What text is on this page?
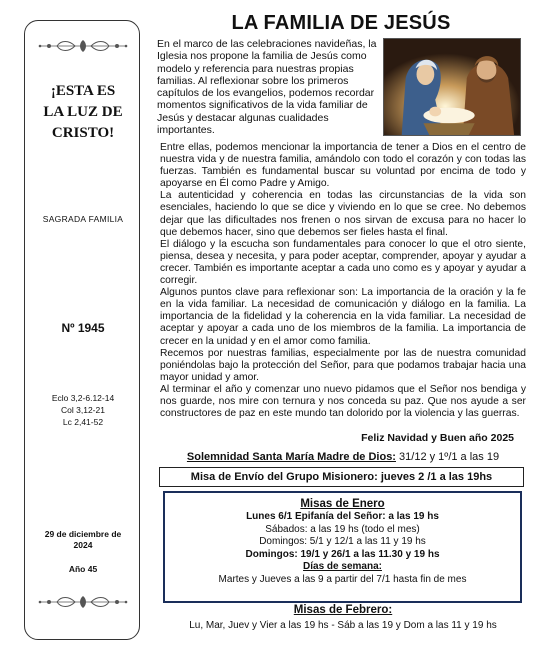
¡ESTA ES
LA LUZ DE
CRISTO!
SAGRADA FAMILIA
Nº 1945
Eclo 3,2-6.12-14
Col 3,12-21
Lc 2,41-52
29 de diciembre de
2024
Año 45
LA FAMILIA DE JESÚS

En el marco de las celebraciones navideñas, la Iglesia nos propone la familia de Jesús como modelo y referencia para nuestras propias familias. Al reflexionar sobre los primeros capítulos de los evangelios, podemos recordar momentos significativos de la vida familiar de Jesús y destacar algunas cualidades importantes.

Entre ellas, podemos mencionar la importancia de tener a Dios en el centro de nuestra vida y de nuestra familia, amándolo con todo el corazón y con todas las fuerzas. También es fundamental buscar su voluntad por encima de todo y apoyarse en Él como Padre y Amigo.

La autenticidad y coherencia en todas las circunstancias de la vida son esenciales, haciendo lo que se dice y viviendo en lo que se cree. No debemos dejar que las dificultades nos frenen o nos sirvan de excusa para no hacer lo que debemos hacer, sino que debemos ser fieles hasta el final.

El diálogo y la escucha son fundamentales para conocer lo que el otro siente, piensa, desea y necesita, y para poder aceptar, comprender, apoyar y ayudar a crecer. También es importante aceptar a cada uno como es y apoyar y ayudar a corregir.

Algunos puntos clave para reflexionar son: La importancia de la oración y la fe en la vida familiar. La necesidad de comunicación y diálogo en la familia. La importancia de la fidelidad y la coherencia en la vida familiar. La necesidad de aceptar y apoyar a cada uno de los miembros de la familia. La importancia de crecer en la unidad y en el amor como familia.

Recemos por nuestras familias, especialmente por las de nuestra comunidad poniéndolas bajo la protección del Señor, para que podamos trabajar hacia una mayor unidad y amor.

Al terminar el año y comenzar uno nuevo pidamos que el Señor nos bendiga y nos guarde, nos mire con ternura y nos conceda su paz. Que nos ayude a ser constructores de paz en este mundo tan dolorido por la violencia y las guerras.

Feliz Navidad y Buen año 2025
Solemnidad Santa María Madre de Dios: 31/12 y 1º/1 a las 19
Misa de Envío del Grupo Misionero: jueves 2 /1 a las 19hs
Misas de Enero
Lunes 6/1 Epifanía del Señor: a las 19 hs
Sábados: a las 19 hs (todo el mes)
Domingos: 5/1 y 12/1 a las 11 y 19 hs
Domingos: 19/1 y 26/1 a las 11.30 y 19 hs
Días de semana:
Martes y Jueves a las 9 a partir del 7/1 hasta fin de mes
Misas de Febrero:
Lu, Mar, Juev y Vier a las 19 hs - Sáb a las 19 y Dom a las 11 y 19 hs
